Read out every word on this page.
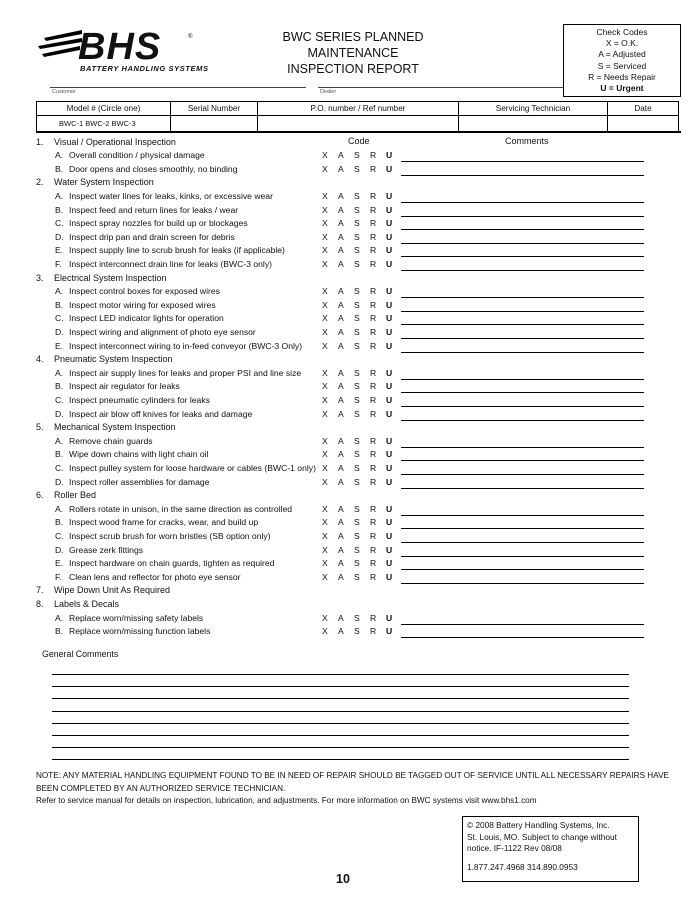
BHS	®
BATTERY HANDLING SYSTEMS
BWC SERIES PLANNED MAINTENANCE
INSPECTION REPORT
Check Codes
X = O.K.
A = Adjusted
S = Serviced
R = Needs Repair
U = Urgent
Customer	Dealer
Model # (Circle one)	Serial Number	P.O. number / Ref number	Servicing Technician	Date
BWC-1 BWC-2 BWC-3				
Code	Comments
1. Visual / Operational Inspection
A. Overall condition / physical damage	X A S R U
B. Door opens and closes smoothly, no binding	X A S R U
2. Water System Inspection
A. Inspect water lines for leaks, kinks, or excessive wear	X A S R U
B. Inspect feed and return lines for leaks / wear	X A S R U
C. Inspect spray nozzles for build up or blockages	X A S R U
D. Inspect drip pan and drain screen for debris	X A S R U
E. Inspect supply line to scrub brush for leaks (if applicable)	X A S R U
F. Inspect interconnect drain line for leaks (BWC-3 only)	X A S R U
3. Electrical System Inspection
A. Inspect control boxes for exposed wires	X A S R U
B. Inspect motor wiring for exposed wires	X A S R U
C. Inspect LED indicator lights for operation	X A S R U
D. Inspect wiring and alignment of photo eye sensor	X A S R U
E. Inspect interconnect wiring to in-feed conveyor (BWC-3 Only) X A S R U
4. Pneumatic System Inspection
A. Inspect air supply lines for leaks and proper PSI and line size X A S R U
B. Inspect air regulator for leaks	X A S R U
C. Inspect pneumatic cylinders for leaks	X A S R U
D. Inspect air blow off knives for leaks and damage	X A S R U
5. Mechanical System Inspection
A. Remove chain guards	X A S R U
B. Wipe down chains with light chain oil	X A S R U
C. Inspect pulley system for loose hardware or cables (BWC-1 only) X A S R U
D. Inspect roller assemblies for damage	X A S R U
6. Roller Bed
A. Rollers rotate in unison, in the same direction as controlled	X A S R U
B. Inspect wood frame for cracks, wear, and build up	X A S R U
C. Inspect scrub brush for worn bristles (SB option only)	X A S R U
D. Grease zerk fittings	X A S R U
E. Inspect hardware on chain guards, tighten as required	X A S R U
F. Clean lens and reflector for photo eye sensor	X A S R U
7. Wipe Down Unit As Required
8. Labels & Decals
A. Replace worn/missing safety labels	X A S R U
B. Replace worn/missing function labels	X A S R U
General Comments
NOTE: ANY MATERIAL HANDLING EQUIPMENT FOUND TO BE IN NEED OF REPAIR SHOULD BE TAGGED OUT OF SERVICE UNTIL ALL NECESSARY REPAIRS HAVE
BEEN COMPLETED BY AN AUTHORIZED SERVICE TECHNICIAN.
Refer to service manual for details on inspection, lubrication, and adjustments. For more information on BWC systems visit www.bhs1.com
© 2008 Battery Handling Systems, Inc.
St. Louis, MO. Subject to change without
notice. IF-1122 Rev 08/08
1.877.247.4968 314.890.0953
10
